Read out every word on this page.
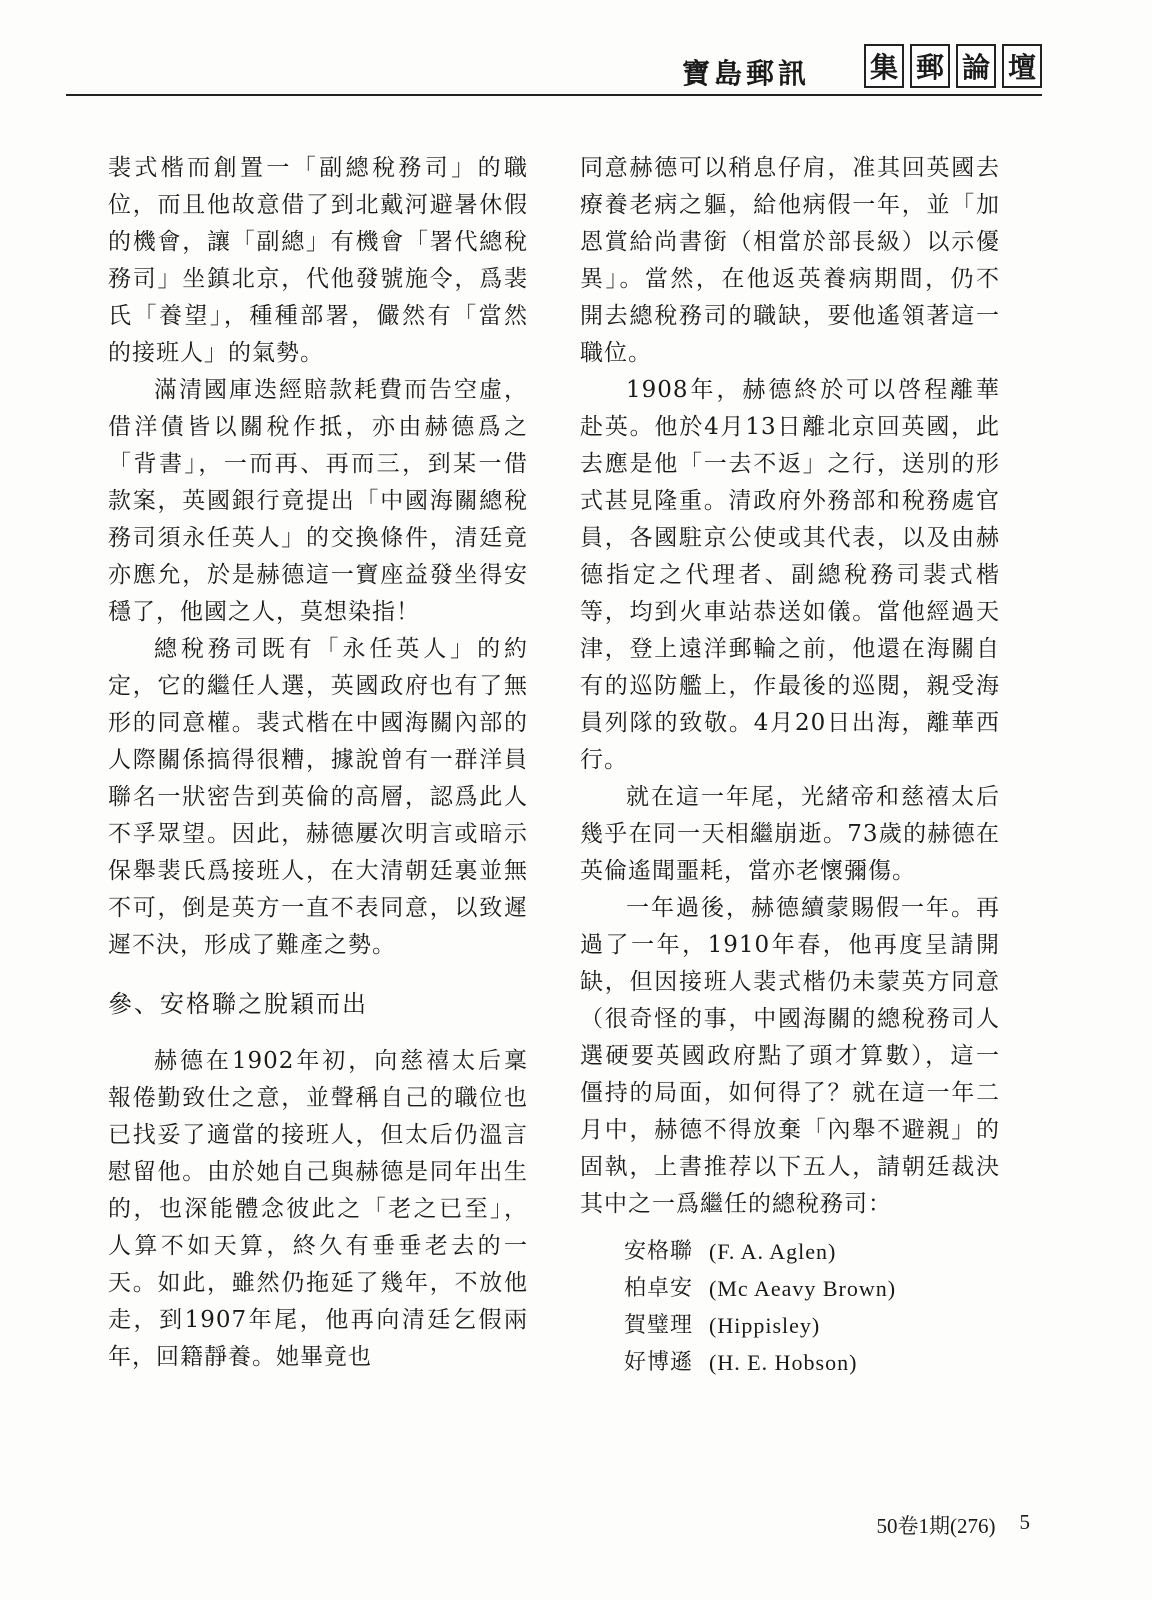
寶島郵訊 集 郵 論 壇

裴式楷而創置一「副總稅務司」的職位，而且他故意借了到北戴河避暑休假的機會，讓「副總」有機會「署代總稅務司」坐鎮北京，代他發號施令，爲裴氏「養望」，種種部署，儼然有「當然的接班人」的氣勢。

滿清國庫迭經賠款耗費而告空虛，借洋債皆以關稅作抵，亦由赫德爲之「背書」，一而再、再而三，到某一借款案，英國銀行竟提出「中國海關總稅務司須永任英人」的交換條件，清廷竟亦應允，於是赫德這一寶座益發坐得安穩了，他國之人，莫想染指！

總稅務司既有「永任英人」的約定，它的繼任人選，英國政府也有了無形的同意權。裴式楷在中國海關內部的人際關係搞得很糟，據說曾有一群洋員聯名一狀密告到英倫的高層，認爲此人不孚眾望。因此，赫德屢次明言或暗示保舉裴氏爲接班人，在大清朝廷裏並無不可，倒是英方一直不表同意，以致遲遲不決，形成了難產之勢。

參、安格聯之脫穎而出

赫德在1902年初，向慈禧太后稟報倦勤致仕之意，並聲稱自己的職位也已找妥了適當的接班人，但太后仍溫言慰留他。由於她自己與赫德是同年出生的，也深能體念彼此之「老之已至」，人算不如天算，終久有垂垂老去的一天。如此，雖然仍拖延了幾年，不放他走，到1907年尾，他再向清廷乞假兩年，回籍靜養。她畢竟也

同意赫德可以稍息仔肩，准其回英國去療養老病之軀，給他病假一年，並「加恩賞給尚書銜（相當於部長級）以示優異」。當然，在他返英養病期間，仍不開去總稅務司的職缺，要他遙領著這一職位。

1908年，赫德終於可以啓程離華赴英。他於4月13日離北京回英國，此去應是他「一去不返」之行，送別的形式甚見隆重。清政府外務部和稅務處官員，各國駐京公使或其代表，以及由赫德指定之代理者、副總稅務司裴式楷等，均到火車站恭送如儀。當他經過天津，登上遠洋郵輪之前，他還在海關自有的巡防艦上，作最後的巡閱，親受海員列隊的致敬。4月20日出海，離華西行。

就在這一年尾，光緒帝和慈禧太后幾乎在同一天相繼崩逝。73歲的赫德在英倫遙聞噩耗，當亦老懷彌傷。

一年過後，赫德續蒙賜假一年。再過了一年，1910年春，他再度呈請開缺，但因接班人裴式楷仍未蒙英方同意（很奇怪的事，中國海關的總稅務司人選硬要英國政府點了頭才算數），這一僵持的局面，如何得了？就在這一年二月中，赫德不得放棄「內舉不避親」的固執，上書推荐以下五人，請朝廷裁決其中之一爲繼任的總稅務司：

安格聯 (F. A. Aglen)
柏卓安 (Mc Aeavy Brown)
賀璧理 (Hippisley)
好博遜 (H. E. Hobson)
50卷1期(276) 5
